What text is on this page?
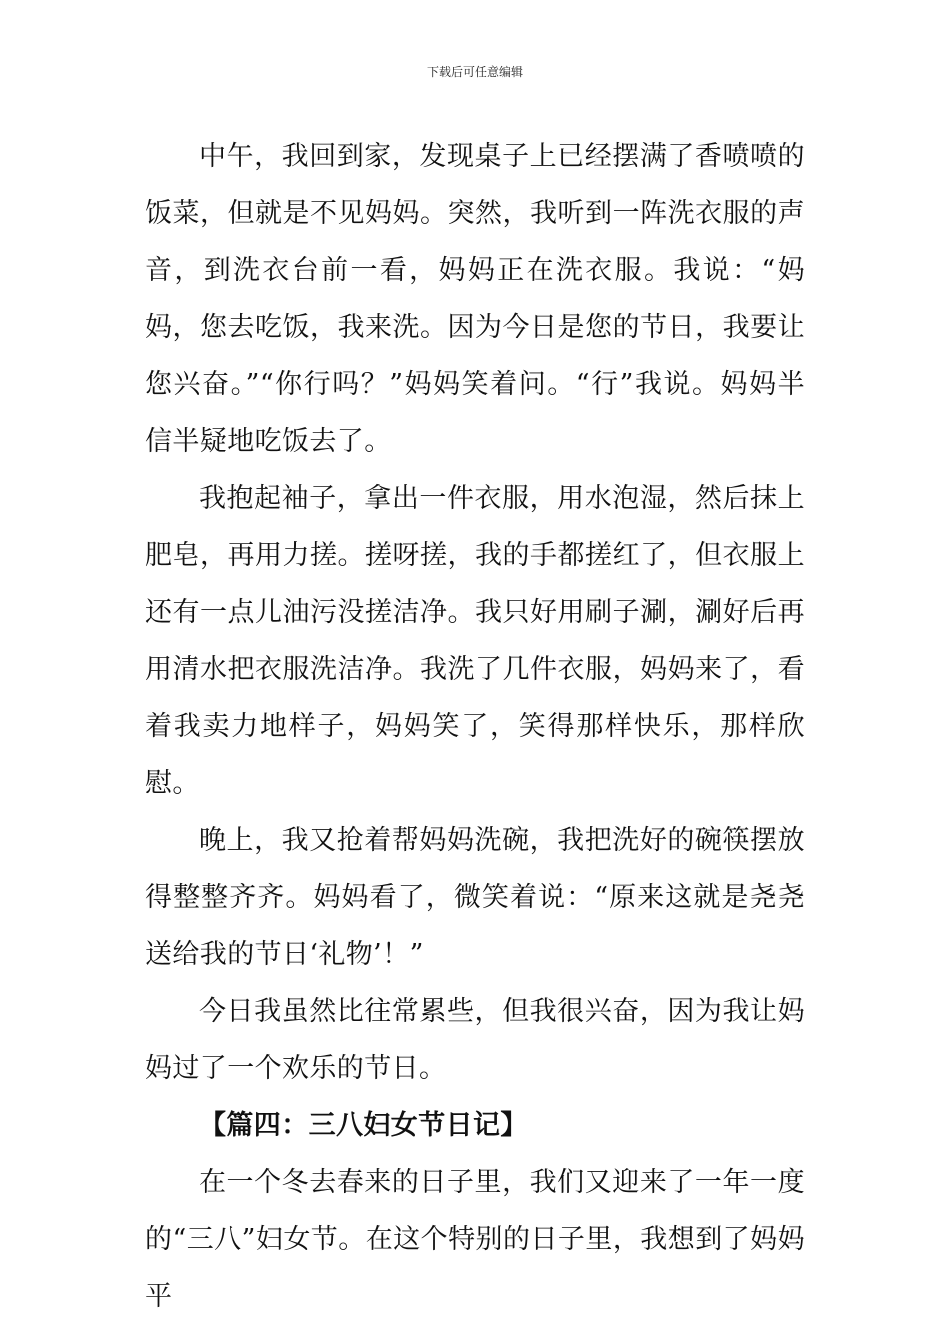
下载后可任意编辑

中午，我回到家，发现桌子上已经摆满了香喷喷的饭菜，但就是不见妈妈。突然，我听到一阵洗衣服的声音，到洗衣台前一看，妈妈正在洗衣服。我说：“妈妈，您去吃饭，我来洗。因为今日是您的节日，我要让您兴奋。”“你行吗？”妈妈笑着问。“行”我说。妈妈半信半疑地吃饭去了。

我抱起袖子，拿出一件衣服，用水泡湿，然后抹上肥皂，再用力搓。搓呀搓，我的手都搓红了，但衣服上还有一点儿油污没搓洁净。我只好用刷子涮，涮好后再用清水把衣服洗洁净。我洗了几件衣服，妈妈来了，看着我卖力地样子，妈妈笑了，笑得那样快乐，那样欣慰。

晚上，我又抢着帮妈妈洗碗，我把洗好的碗筷摆放得整整齐齐。妈妈看了，微笑着说：“原来这就是尧尧送给我的节日‘礼物’！”

今日我虽然比往常累些，但我很兴奋，因为我让妈妈过了一个欢乐的节日。

【篇四：三八妇女节日记】

在一个冬去春来的日子里，我们又迎来了一年一度的“三八”妇女节。在这个特别的日子里，我想到了妈妈平
